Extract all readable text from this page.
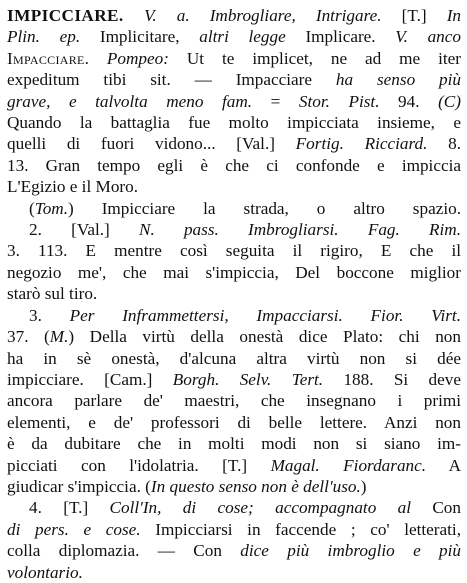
IMPICCIARE. V. a. Imbrogliare, Intrigare. [T.] In
Plin. ep. Implicitare, altri legge Implicare. V. anco
Impacciare. Pompeo: Ut te implicet, ne ad me iter
expeditum tibi sit. — Impacciare ha senso più
grave, e talvolta meno fam. = Stor. Pist. 94. (C)
Quando la battaglia fue molto impicciata insieme, e
quelli di fuori vidono... [Val.] Fortig. Ricciard. 8.
13. Gran tempo egli è che ci confonde e impiccia
L'Egizio e il Moro.
(Tom.) Impicciare la strada, o altro spazio.
2. [Val.] N. pass. Imbrogliarsi. Fag. Rim.
3. 113. E mentre così seguita il rigiro, E che il
negozio me', che mai s'impiccia, Del boccone miglior
starò sul tiro.
3. Per Inframmettersi, Impacciarsi. Fior. Virt.
37. (M.) Della virtù della onestà dice Plato: chi non
ha in sè onestà, d'alcuna altra virtù non si dée
impicciare. [Cam.] Borgh. Selv. Tert. 188. Si deve
ancora parlare de' maestri, che insegnano i primi
elementi, e de' professori di belle lettere. Anzi non
è da dubitare che in molti modi non si siano im-
picciati con l'idolatria. [T.] Magal. Fiordaranc. A
giudicar s'impiccia. (In questo senso non è dell'uso.)
4. [T.] Coll'In, di cose; accompagnato al Con
di pers. e cose. Impicciarsi in faccende ; co' letterati,
colla diplomazia. — Con dice più imbroglio e più
volontario.
